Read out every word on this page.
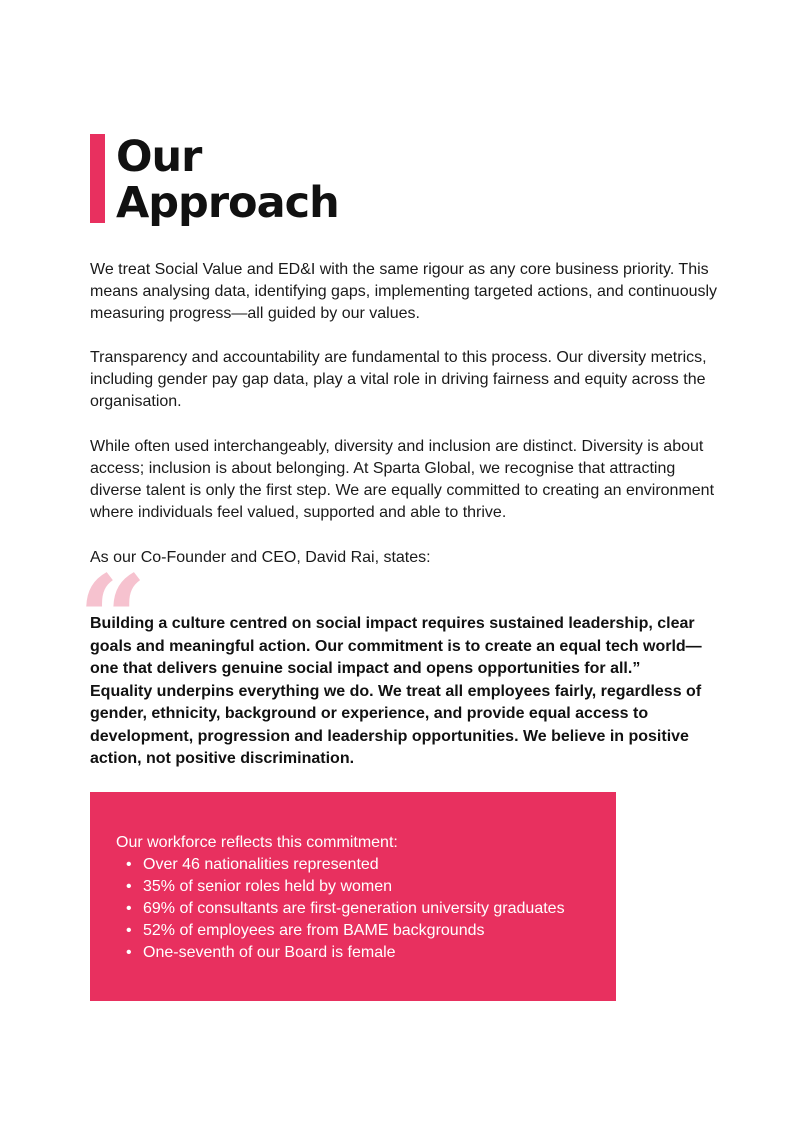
Our
Approach

We treat Social Value and ED&I with the same rigour as any core business priority. This means analysing data, identifying gaps, implementing targeted actions, and continuously measuring progress—all guided by our values.

Transparency and accountability are fundamental to this process. Our diversity metrics, including gender pay gap data, play a vital role in driving fairness and equity across the organisation.

While often used interchangeably, diversity and inclusion are distinct. Diversity is about access; inclusion is about belonging. At Sparta Global, we recognise that attracting diverse talent is only the first step. We are equally committed to creating an environment where individuals feel valued, supported and able to thrive.

As our Co-Founder and CEO, David Rai, states:

“

Building a culture centred on social impact requires sustained leadership, clear goals and meaningful action. Our commitment is to create an equal tech world—one that delivers genuine social impact and opens opportunities for all.”
Equality underpins everything we do. We treat all employees fairly, regardless of gender, ethnicity, background or experience, and provide equal access to development, progression and leadership opportunities. We believe in positive action, not positive discrimination.

Our workforce reflects this commitment:

• Over 46 nationalities represented
• 35% of senior roles held by women
• 69% of consultants are first-generation university graduates
• 52% of employees are from BAME backgrounds
• One-seventh of our Board is female
